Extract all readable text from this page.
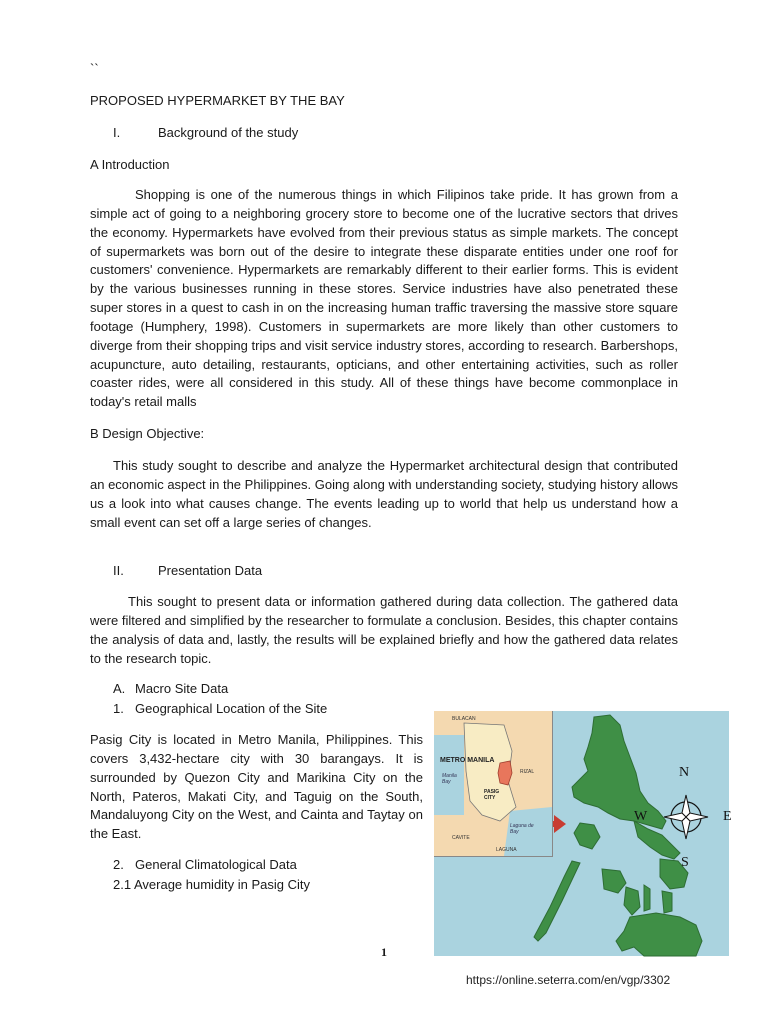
``
PROPOSED HYPERMARKET BY THE BAY
I.	Background of the study
A Introduction
Shopping is one of the numerous things in which Filipinos take pride. It has grown from a simple act of going to a neighboring grocery store to become one of the lucrative sectors that drives the economy. Hypermarkets have evolved from their previous status as simple markets. The concept of supermarkets was born out of the desire to integrate these disparate entities under one roof for customers' convenience. Hypermarkets are remarkably different to their earlier forms. This is evident by the various businesses running in these stores. Service industries have also penetrated these super stores in a quest to cash in on the increasing human traffic traversing the massive store square footage (Humphery, 1998). Customers in supermarkets are more likely than other customers to diverge from their shopping trips and visit service industry stores, according to research. Barbershops, acupuncture, auto detailing, restaurants, opticians, and other entertaining activities, such as roller coaster rides, were all considered in this study. All of these things have become commonplace in today's retail malls
B Design Objective:
This study sought to describe and analyze the Hypermarket architectural design that contributed an economic aspect in the Philippines. Going along with understanding society, studying history allows us a look into what causes change. The events leading up to world that help us understand how a small event can set off a large series of changes.
II.	Presentation Data
This sought to present data or information gathered during data collection. The gathered data were filtered and simplified by the researcher to formulate a conclusion. Besides, this chapter contains the analysis of data and, lastly, the results will be explained briefly and how the gathered data relates to the research topic.
A. Macro Site Data
1. Geographical Location of the Site
Pasig City is located in Metro Manila, Philippines. This covers 3,432-hectare city with 30 barangays. It is surrounded by Quezon City and Marikina City on the North, Pateros, Makati City, and Taguig on the South, Mandaluyong City on the West, and Cainta and Taytay on the East.
2. General Climatological Data
2.1 Average humidity in Pasig City
N
S
W	E
BULACAN
METRO MANILA
RIZAL
Manila Bay
PASIG CITY
CAVITE
Laguna de Bay
LAGUNA
1
https://online.seterra.com/en/vgp/3302
